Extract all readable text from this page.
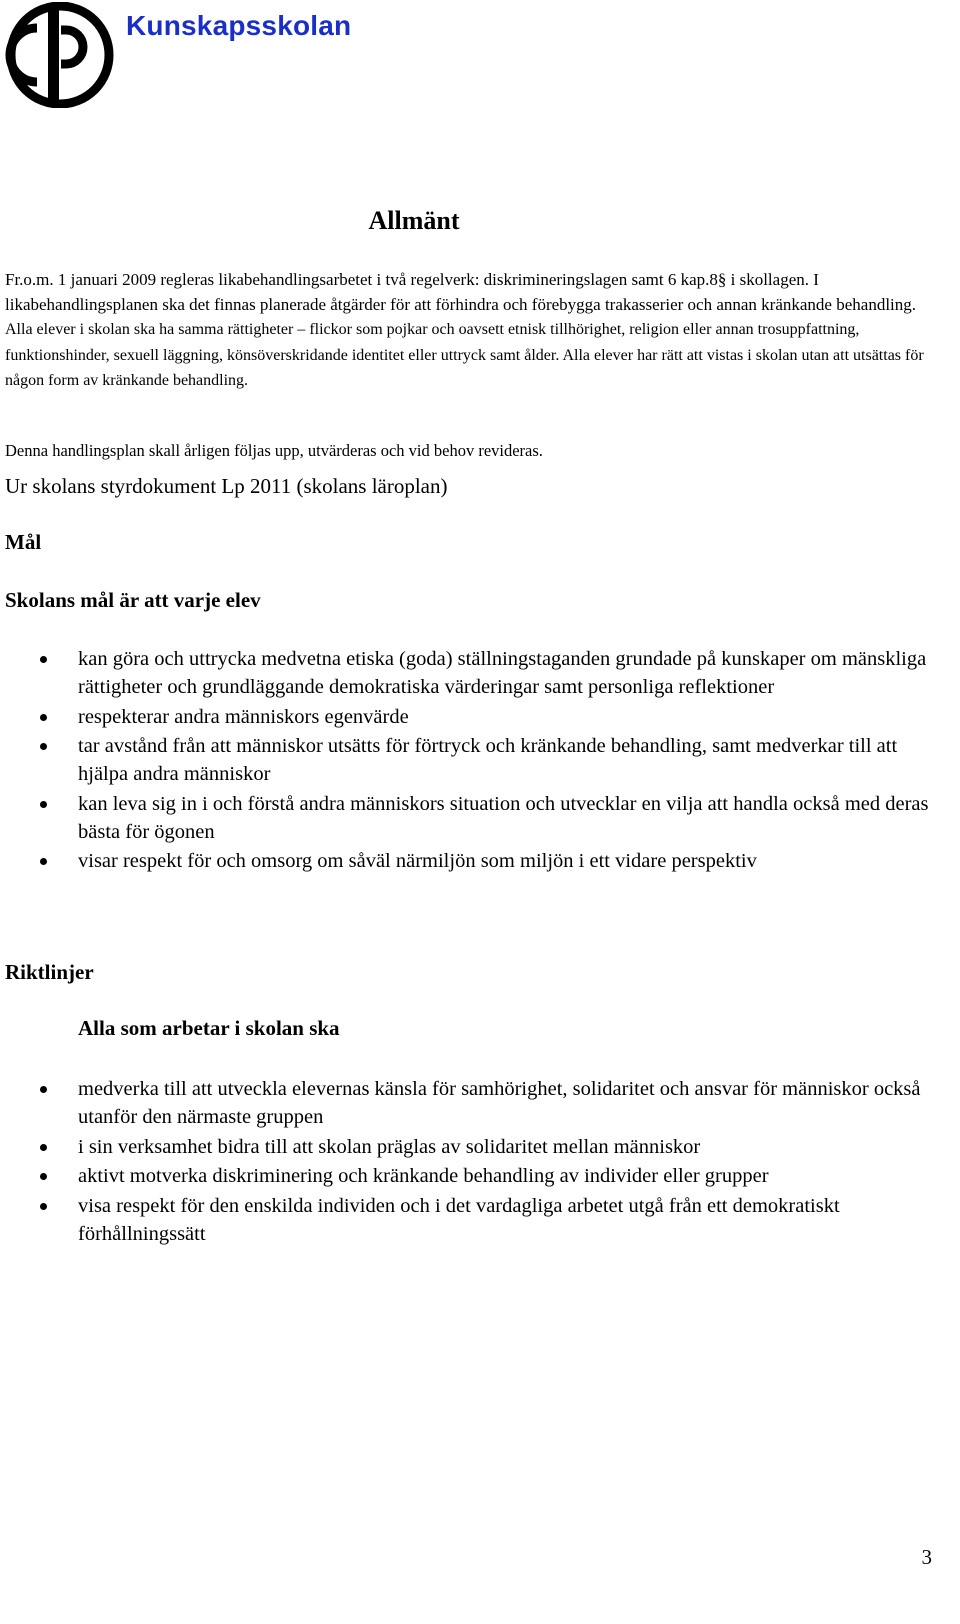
Kunskapsskolan
Allmänt

Fr.o.m. 1 januari 2009 regleras likabehandlingsarbetet i två regelverk: diskrimineringslagen samt 6 kap.8§ i skollagen. I likabehandlingsplanen ska det finnas planerade åtgärder för att förhindra och förebygga trakasserier och annan kränkande behandling. Alla elever i skolan ska ha samma rättigheter – flickor som pojkar och oavsett etnisk tillhörighet, religion eller annan trosuppfattning, funktionshinder, sexuell läggning, könsöverskridande identitet eller uttryck samt ålder. Alla elever har rätt att vistas i skolan utan att utsättas för någon form av kränkande behandling.

Denna handlingsplan skall årligen följas upp, utvärderas och vid behov revideras.

Ur skolans styrdokument Lp 2011 (skolans läroplan)
Mål
Skolans mål är att varje elev
kan göra och uttrycka medvetna etiska (goda) ställningstaganden grundade på kunskaper om mänskliga rättigheter och grundläggande demokratiska värderingar samt personliga reflektioner
respekterar andra människors egenvärde
tar avstånd från att människor utsätts för förtryck och kränkande behandling, samt medverkar till att hjälpa andra människor
kan leva sig in i och förstå andra människors situation och utvecklar en vilja att handla också med deras bästa för ögonen
visar respekt för och omsorg om såväl närmiljön som miljön i ett vidare perspektiv
Riktlinjer
Alla som arbetar i skolan ska
medverka till att utveckla elevernas känsla för samhörighet, solidaritet och ansvar för människor också utanför den närmaste gruppen
i sin verksamhet bidra till att skolan präglas av solidaritet mellan människor
aktivt motverka diskriminering och kränkande behandling av individer eller grupper
visa respekt för den enskilda individen och i det vardagliga arbetet utgå från ett demokratiskt förhållningssätt
3
